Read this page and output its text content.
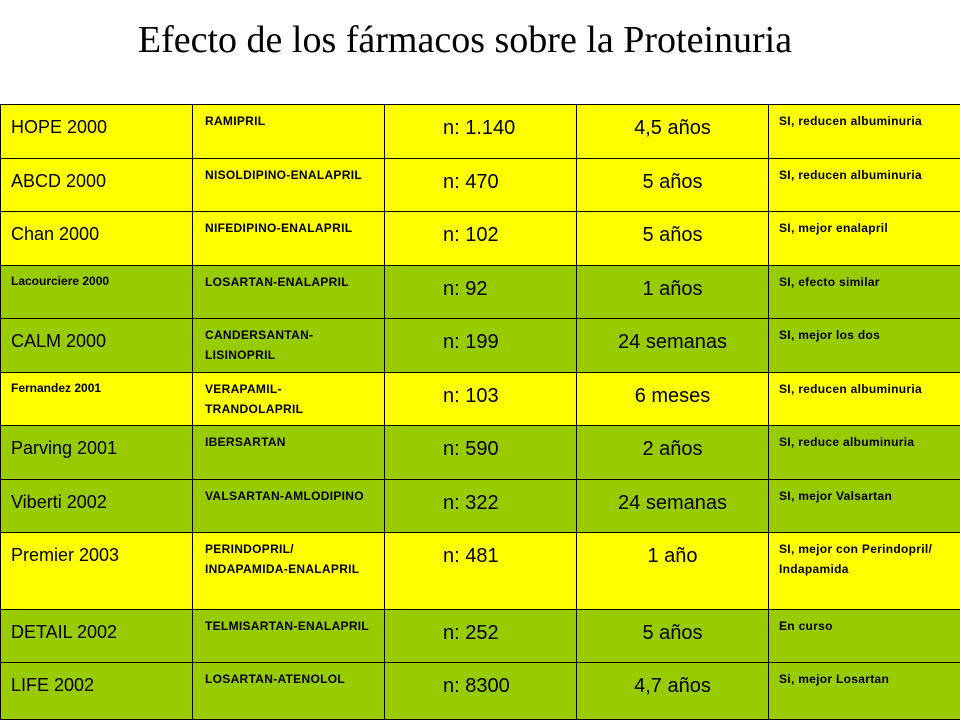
Efecto de los fármacos sobre la Proteinuria
HOPE 2000	RAMIPRIL	n: 1.140	4,5 años	SI, reducen albuminuria
ABCD 2000	NISOLDIPINO-ENALAPRIL	n: 470	5 años	SI, reducen albuminuria
Chan 2000	NIFEDIPINO-ENALAPRIL	n: 102	5 años	SI, mejor enalapril
Lacourciere 2000	LOSARTAN-ENALAPRIL	n: 92	1 años	SI, efecto similar
CALM 2000	CANDERSANTAN-LISINOPRIL	n: 199	24 semanas	SI, mejor los dos
Fernandez 2001	VERAPAMIL-TRANDOLAPRIL	n: 103	6 meses	SI, reducen albuminuria
Parving 2001	IBERSARTAN	n: 590	2 años	SI, reduce albuminuria
Viberti 2002	VALSARTAN-AMLODIPINO	n: 322	24 semanas	SI, mejor Valsartan
Premier 2003	PERINDOPRIL/ INDAPAMIDA-ENALAPRIL	n: 481	1 año	SI, mejor con Perindopril/ Indapamida
DETAIL 2002	TELMISARTAN-ENALAPRIL	n: 252	5 años	En curso
LIFE 2002	LOSARTAN-ATENOLOL	n: 8300	4,7 años	Si, mejor Losartan
